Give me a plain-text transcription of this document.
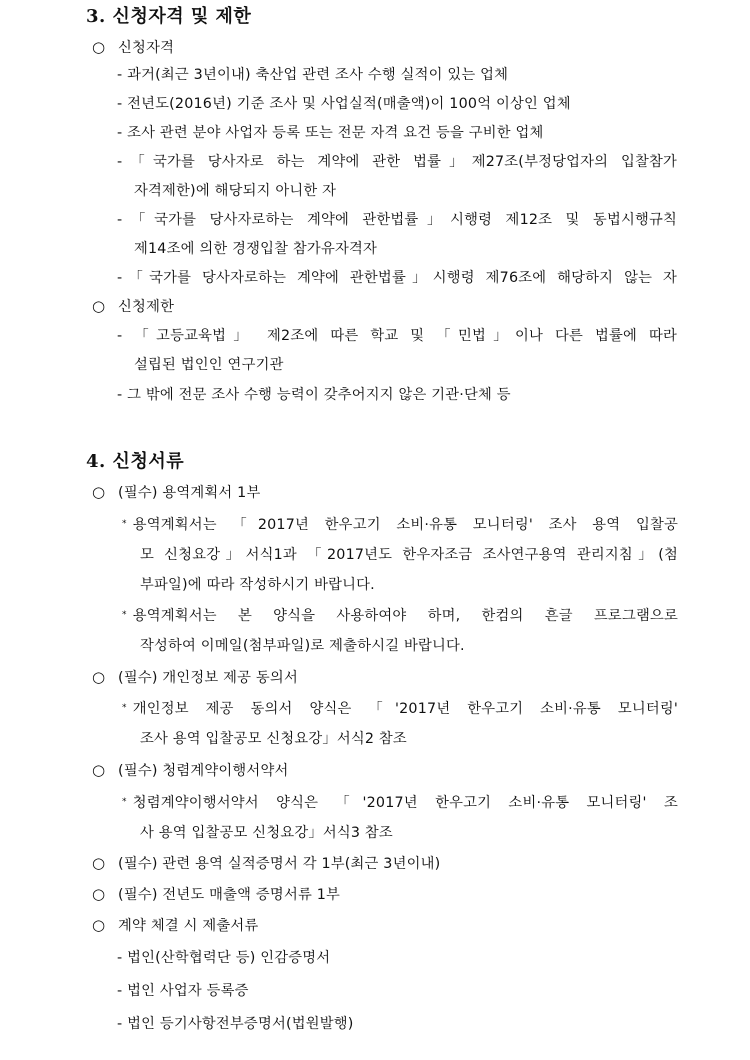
3. 신청자격 및 제한
○ 신청자격
- 과거(최근 3년이내) 축산업 관련 조사 수행 실적이 있는 업체
- 전년도(2016년) 기준 조사 및 사업실적(매출액)이 100억 이상인 업체
- 조사 관련 분야 사업자 등록 또는 전문 자격 요건 등을 구비한 업체
-「국가를 당사자로 하는 계약에 관한 법률」제27조(부정당업자의 입찰참가
자격제한)에 해당되지 아니한 자
-「국가를 당사자로하는 계약에 관한법률」시행령 제12조 및 동법시행규칙
제14조에 의한 경쟁입찰 참가유자격자
-「국가를 당사자로하는 계약에 관한법률」시행령 제76조에 해당하지 않는 자
○ 신청제한
- 「고등교육법」 제2조에 따른 학교 및 「민법」이나 다른 법률에 따라
설립된 법인인 연구기관
- 그 밖에 전문 조사 수행 능력이 갖추어지지 않은 기관·단체 등
4. 신청서류
○ (필수) 용역계획서 1부
* 용역계획서는 「2017년 한우고기 소비·유통 모니터링' 조사 용역 입찰공
모 신청요강」서식1과 「2017년도 한우자조금 조사연구용역 관리지침」(첨
부파일)에 따라 작성하시기 바랍니다.
* 용역계획서는 본 양식을 사용하여야 하며, 한컴의 흔글 프로그램으로
작성하여 이메일(첨부파일)로 제출하시길 바랍니다.
○ (필수) 개인정보 제공 동의서
* 개인정보 제공 동의서 양식은 「'2017년 한우고기 소비·유통 모니터링'
조사 용역 입찰공모 신청요강」서식2 참조
○ (필수) 청렴계약이행서약서
* 청렴계약이행서약서 양식은 「'2017년 한우고기 소비·유통 모니터링' 조
사 용역 입찰공모 신청요강」서식3 참조
○ (필수) 관련 용역 실적증명서 각 1부(최근 3년이내)
○ (필수) 전년도 매출액 증명서류 1부
○ 계약 체결 시 제출서류
- 법인(산학협력단 등) 인감증명서
- 법인 사업자 등록증
- 법인 등기사항전부증명서(법원발행)
